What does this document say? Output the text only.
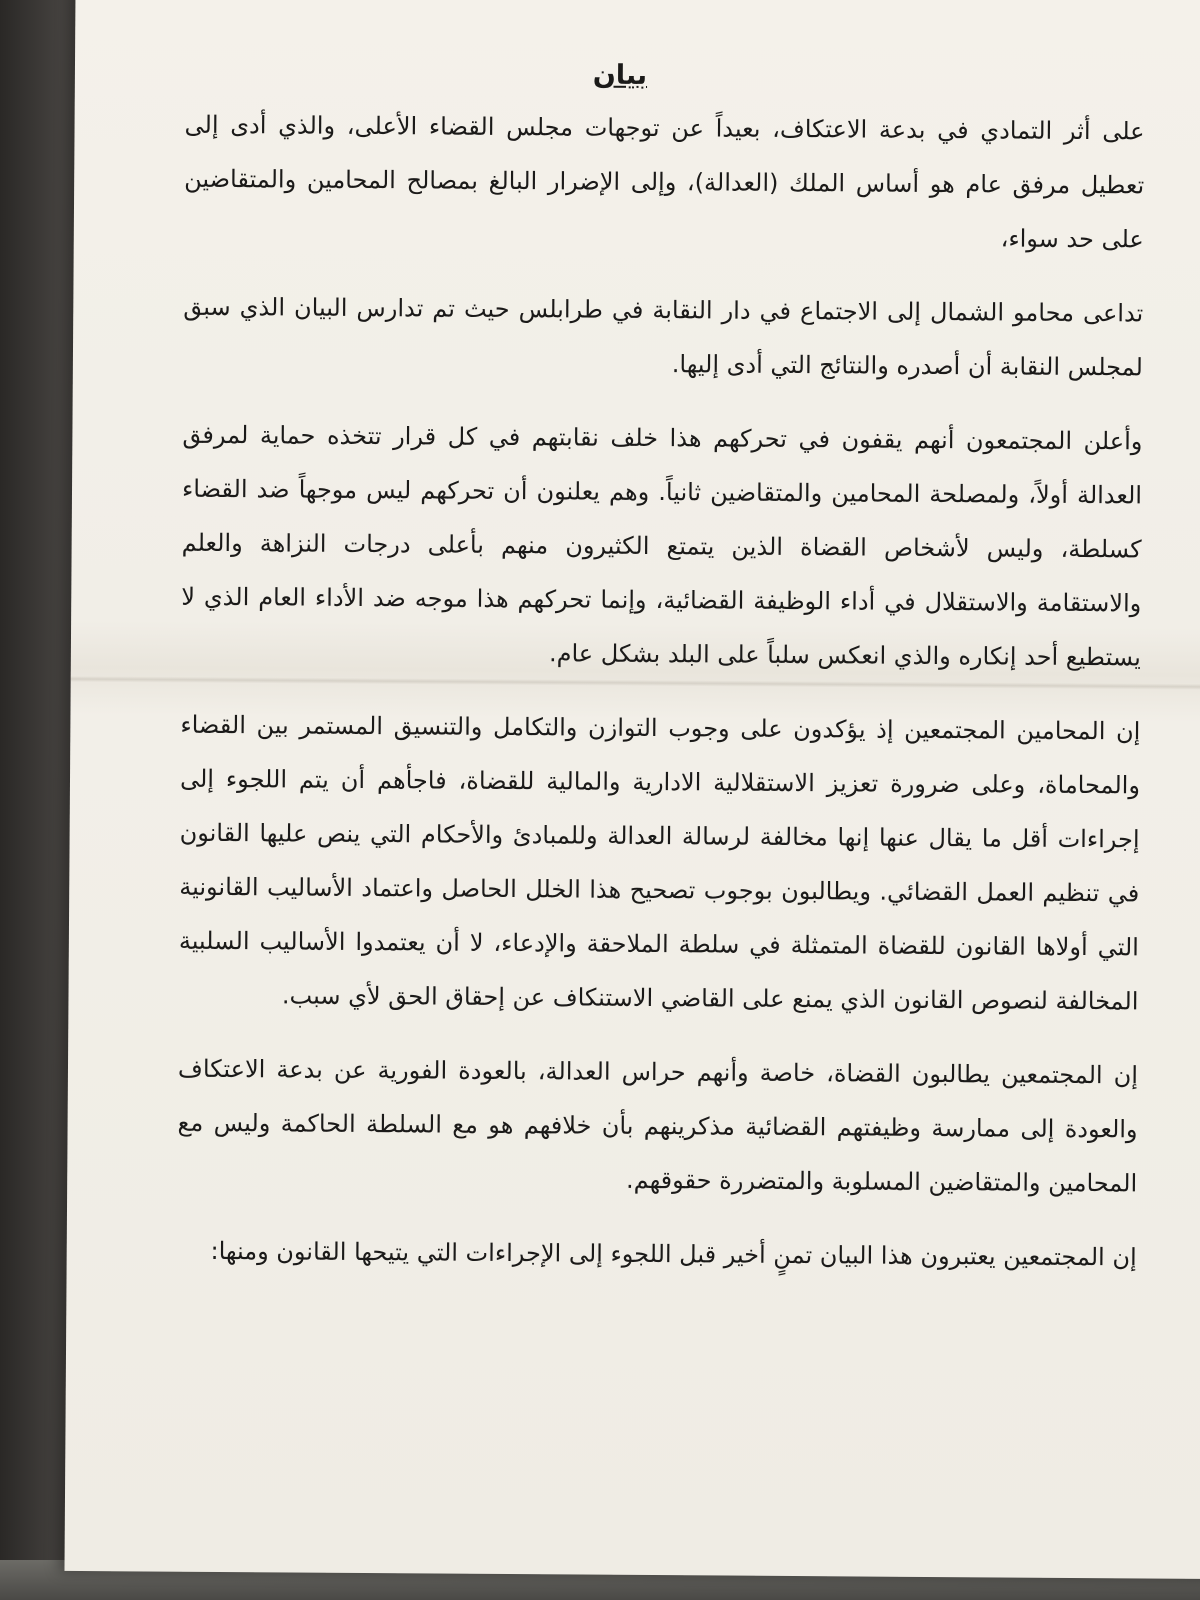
بيان

على أثر التمادي في بدعة الاعتكاف، بعيداً عن توجهات مجلس القضاء الأعلى، والذي أدى إلى تعطيل مرفق عام هو أساس الملك (العدالة)، وإلى الإضرار البالغ بمصالح المحامين والمتقاضين على حد سواء،

تداعى محامو الشمال إلى الاجتماع في دار النقابة في طرابلس حيث تم تدارس البيان الذي سبق لمجلس النقابة أن أصدره والنتائج التي أدى إليها.

وأعلن المجتمعون أنهم يقفون في تحركهم هذا خلف نقابتهم في كل قرار تتخذه حماية لمرفق العدالة أولاً، ولمصلحة المحامين والمتقاضين ثانياً. وهم يعلنون أن تحركهم ليس موجهاً ضد القضاء كسلطة، وليس لأشخاص القضاة الذين يتمتع الكثيرون منهم بأعلى درجات النزاهة والعلم والاستقامة والاستقلال في أداء الوظيفة القضائية، وإنما تحركهم هذا موجه ضد الأداء العام الذي لا يستطيع أحد إنكاره والذي انعكس سلباً على البلد بشكل عام.

إن المحامين المجتمعين إذ يؤكدون على وجوب التوازن والتكامل والتنسيق المستمر بين القضاء والمحاماة، وعلى ضرورة تعزيز الاستقلالية الادارية والمالية للقضاة، فاجأهم أن يتم اللجوء إلى إجراءات أقل ما يقال عنها إنها مخالفة لرسالة العدالة وللمبادئ والأحكام التي ينص عليها القانون في تنظيم العمل القضائي. ويطالبون بوجوب تصحيح هذا الخلل الحاصل واعتماد الأساليب القانونية التي أولاها القانون للقضاة المتمثلة في سلطة الملاحقة والإدعاء، لا أن يعتمدوا الأساليب السلبية المخالفة لنصوص القانون الذي يمنع على القاضي الاستنكاف عن إحقاق الحق لأي سبب.

إن المجتمعين يطالبون القضاة، خاصة وأنهم حراس العدالة، بالعودة الفورية عن بدعة الاعتكاف والعودة إلى ممارسة وظيفتهم القضائية مذكرينهم بأن خلافهم هو مع السلطة الحاكمة وليس مع المحامين والمتقاضين المسلوبة والمتضررة حقوقهم.

إن المجتمعين يعتبرون هذا البيان تمنٍ أخير قبل اللجوء إلى الإجراءات التي يتيحها القانون ومنها:
